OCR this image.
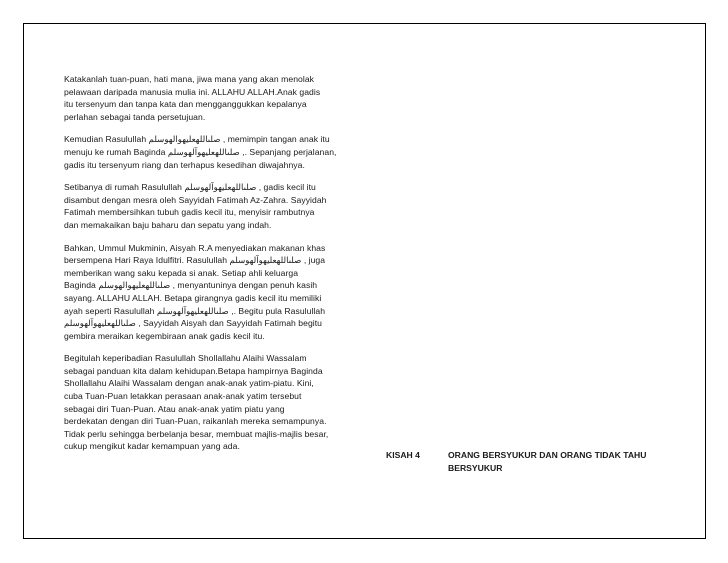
Katakanlah tuan-puan, hati mana, jiwa mana yang akan menolak
pelawaan daripada manusia mulia ini. ALLAHU ALLAH.Anak gadis
itu tersenyum dan tanpa kata dan mengganggukkan kepalanya
perlahan sebagai tanda persetujuan.

Kemudian Rasulullah صلىاللهعليهوالهوسلم , memimpin tangan anak itu
menuju ke rumah Baginda صلىاللهعليهوآلهوسلم ,. Sepanjang perjalanan,
gadis itu tersenyum riang dan terhapus kesedihan diwajahnya.

Setibanya di rumah Rasulullah صلىاللهعليهوآلهوسلم , gadis kecil itu
disambut dengan mesra oleh Sayyidah Fatimah Az-Zahra. Sayyidah
Fatimah membersihkan tubuh gadis kecil itu, menyisir rambutnya
dan memakaikan baju baharu dan sepatu yang indah.

Bahkan, Ummul Mukminin, Aisyah R.A menyediakan makanan khas
bersempena Hari Raya Idulfitri. Rasulullah صلىاللهعليهوآلهوسلم , juga
memberikan wang saku kepada si anak. Setiap ahli keluarga
Baginda صلىاللهعليهوالهوسلم , menyantuninya dengan penuh kasih
sayang. ALLAHU ALLAH. Betapa girangnya gadis kecil itu memiliki
ayah seperti Rasulullah صلىاللهعليهوآلهوسلم ,. Begitu pula Rasulullah
صلىاللهعليهوآلهوسلم , Sayyidah Aisyah dan Sayyidah Fatimah begitu
gembira meraikan kegembiraan anak gadis kecil itu.

Begitulah keperibadian Rasulullah Shollallahu Alaihi Wassalam
sebagai panduan kita dalam kehidupan.Betapa hampirnya Baginda
Shollallahu Alaihi Wassalam dengan anak-anak yatim-piatu. Kini,
cuba Tuan-Puan letakkan perasaan anak-anak yatim tersebut
sebagai diri Tuan-Puan. Atau anak-anak yatim piatu yang
berdekatan dengan diri Tuan-Puan, raikanlah mereka semampunya.
Tidak perlu sehingga berbelanja besar, membuat majlis-majlis besar,
cukup mengikut kadar kemampuan yang ada.

KISAH 4	ORANG BERSYUKUR DAN ORANG TIDAK TAHU
BERSYUKUR
